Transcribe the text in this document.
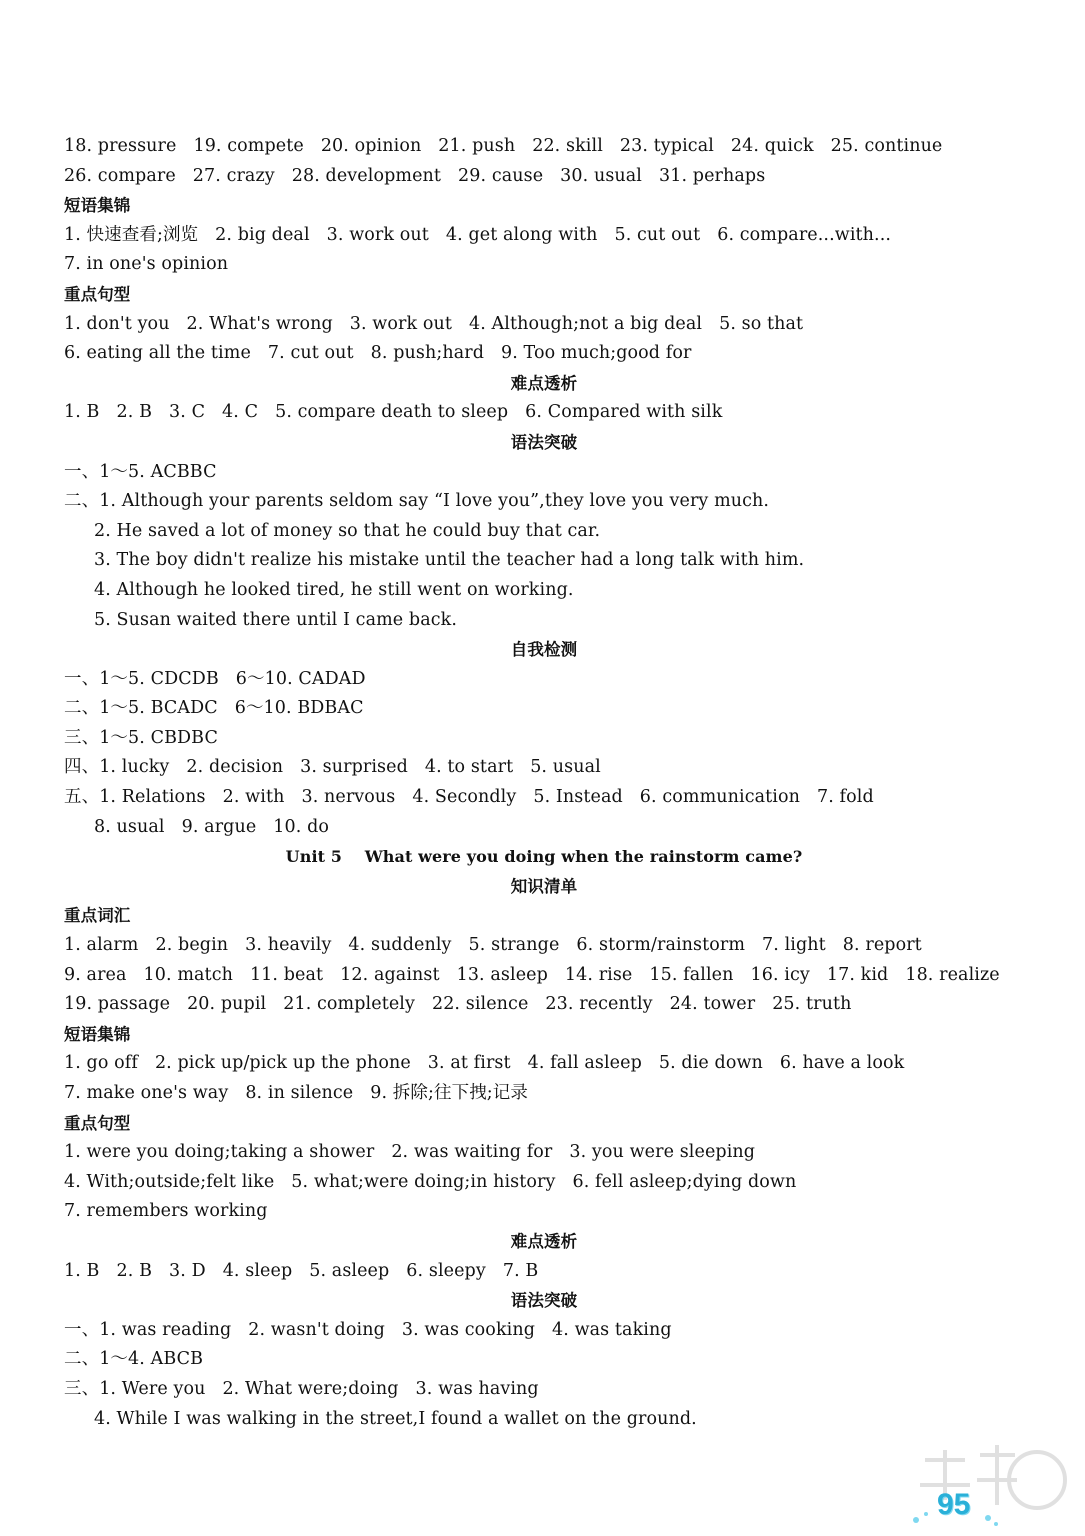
18. pressure   19. compete   20. opinion   21. push   22. skill   23. typical   24. quick   25. continue
26. compare   27. crazy   28. development   29. cause   30. usual   31. perhaps
短语集锦
1. 快速查看;浏览   2. big deal   3. work out   4. get along with   5. cut out   6. compare...with...
7. in one's opinion
重点句型
1. don't you   2. What's wrong   3. work out   4. Although;not a big deal   5. so that
6. eating all the time   7. cut out   8. push;hard   9. Too much;good for
难点透析
1. B   2. B   3. C   4. C   5. compare death to sleep   6. Compared with silk
语法突破
一、1～5. ACBBC
二、1. Although your parents seldom say “I love you”,they love you very much.
2. He saved a lot of money so that he could buy that car.
3. The boy didn't realize his mistake until the teacher had a long talk with him.
4. Although he looked tired, he still went on working.
5. Susan waited there until I came back.
自我检测
一、1～5. CDCDB   6～10. CADAD
二、1～5. BCADC   6～10. BDBAC
三、1～5. CBDBC
四、1. lucky   2. decision   3. surprised   4. to start   5. usual
五、1. Relations   2. with   3. nervous   4. Secondly   5. Instead   6. communication   7. fold
8. usual   9. argue   10. do
Unit 5    What were you doing when the rainstorm came?
知识清单
重点词汇
1. alarm   2. begin   3. heavily   4. suddenly   5. strange   6. storm/rainstorm   7. light   8. report
9. area   10. match   11. beat   12. against   13. asleep   14. rise   15. fallen   16. icy   17. kid   18. realize
19. passage   20. pupil   21. completely   22. silence   23. recently   24. tower   25. truth
短语集锦
1. go off   2. pick up/pick up the phone   3. at first   4. fall asleep   5. die down   6. have a look
7. make one's way   8. in silence   9. 拆除;往下拽;记录
重点句型
1. were you doing;taking a shower   2. was waiting for   3. you were sleeping
4. With;outside;felt like   5. what;were doing;in history   6. fell asleep;dying down
7. remembers working
难点透析
1. B   2. B   3. D   4. sleep   5. asleep   6. sleepy   7. B
语法突破
一、1. was reading   2. wasn't doing   3. was cooking   4. was taking
二、1～4. ABCB
三、1. Were you   2. What were;doing   3. was having
4. While I was walking in the street,I found a wallet on the ground.
95
